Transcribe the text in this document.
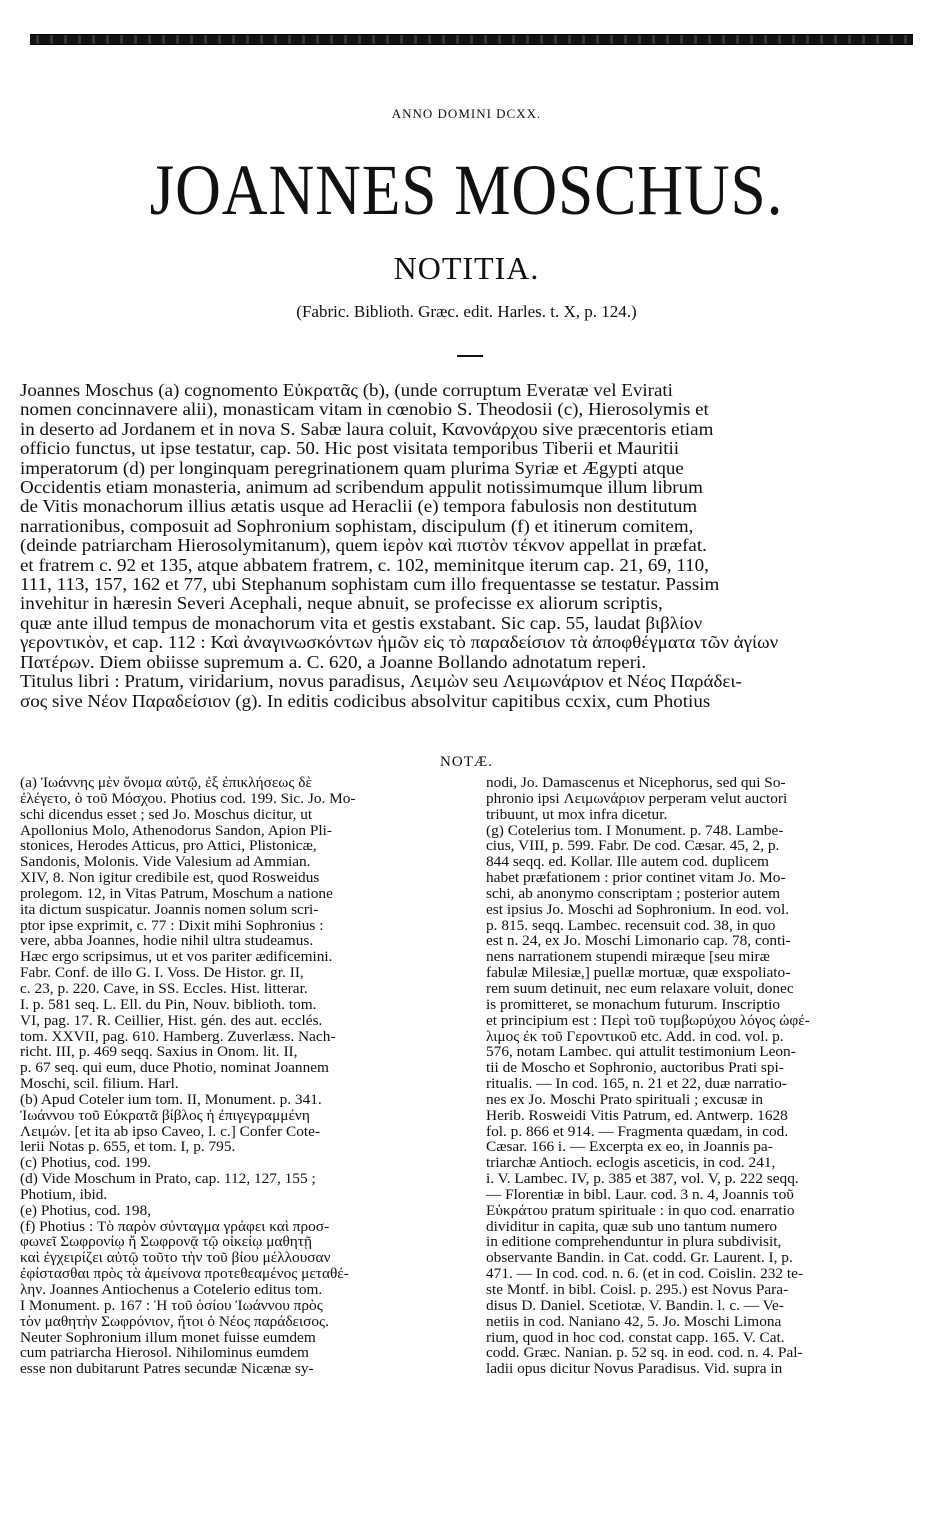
ANNO DOMINI DCXX.
JOANNES MOSCHUS.
NOTITIA.
(Fabric. Biblioth. Græc. edit. Harles. t. X, p. 124.)
Joannes Moschus (a) cognomento Εὐκρατᾶς (b), (unde corruptum Everatæ vel Evirati
nomen concinnavere alii), monasticam vitam in cœnobio S. Theodosii (c), Hierosolymis et
in deserto ad Jordanem et in nova S. Sabæ laura coluit, Κανονάρχου sive præcentoris etiam
officio functus, ut ipse testatur, cap. 50. Hic post visitata temporibus Tiberii et Mauritii
imperatorum (d) per longinquam peregrinationem quam plurima Syriæ et Ægypti atque
Occidentis etiam monasteria, animum ad scribendum appulit notissimumque illum librum
de Vitis monachorum illius ætatis usque ad Heraclii (e) tempora fabulosis non destitutum
narrationibus, composuit ad Sophronium sophistam, discipulum (f) et itinerum comitem,
(deinde patriarcham Hierosolymitanum), quem ἱερὸν καὶ πιστὸν τέκνον appellat in præfat.
et fratrem c. 92 et 135, atque abbatem fratrem, c. 102, meminitque iterum cap. 21, 69, 110,
111, 113, 157, 162 et 77, ubi Stephanum sophistam cum illo frequentasse se testatur. Passim
invehitur in hæresin Severi Acephali, neque abnuit, se profecisse ex aliorum scriptis,
quæ ante illud tempus de monachorum vita et gestis exstabant. Sic cap. 55, laudat βιβλίον
γεροντικὸν, et cap. 112 : Καὶ ἀναγινωσκόντων ἡμῶν εἰς τὸ παραδείσιον τὰ ἀποφθέγματα τῶν ἁγίων
Πατέρων. Diem obiisse supremum a. C. 620, a Joanne Bollando adnotatum reperi.
Titulus libri : Pratum, viridarium, novus paradisus, Λειμὼν seu Λειμωνάριον et Νέος Παράδει-
σος sive Νέον Παραδείσιον (g). In editis codicibus absolvitur capitibus ccxix, cum Photius
NOTÆ.
(a) Ἰωάννης μὲν ὄνομα αὐτῷ, ἐξ ἐπικλήσεως δὲ
ἐλέγετο, ὁ τοῦ Μόσχου. Photius cod. 199. Sic. Jo. Mo-
schi dicendus esset ; sed Jo. Moschus dicitur, ut
Apollonius Molo, Athenodorus Sandon, Apion Pli-
stonices, Herodes Atticus, pro Attici, Plistonicæ,
Sandonis, Molonis. Vide Valesium ad Ammian.
XIV, 8. Non igitur credibile est, quod Rosweidus
prolegom. 12, in Vitas Patrum, Moschum a natione
ita dictum suspicatur. Joannis nomen solum scri-
ptor ipse exprimit, c. 77 : Dixit mihi Sophronius :
vere, abba Joannes, hodie nihil ultra studeamus.
Hæc ergo scripsimus, ut et vos pariter ædificemini.
Fabr. Conf. de illo G. I. Voss. De Histor. gr. II,
c. 23, p. 220. Cave, in SS. Eccles. Hist. litterar.
I. p. 581 seq. L. Ell. du Pin, Nouv. biblioth. tom.
VI, pag. 17. R. Ceillier, Hist. gén. des aut. ecclés.
tom. XXVII, pag. 610. Hamberg. Zuverlæss. Nach-
richt. III, p. 469 seqq. Saxius in Onom. lit. II,
p. 67 seq. qui eum, duce Photio, nominat Joannem
Moschi, scil. filium. Harl.
(b) Apud Coteler ium tom. II, Monument. p. 341.
Ἰωάννου τοῦ Εὐκρατᾶ βίβλος ἡ ἐπιγεγραμμένη
Λειμών. [et ita ab ipso Caveo, l. c.] Confer Cote-
lerii Notas p. 655, et tom. I, p. 795.
(c) Photius, cod. 199.
(d) Vide Moschum in Prato, cap. 112, 127, 155 ;
Photium, ibid.
(e) Photius, cod. 198,
(f) Photius : Τὸ παρὸν σύνταγμα γράφει καὶ προσ-
φωνεῖ Σωφρονίῳ ἤ Σωφρονᾷ τῷ οἰκείῳ μαθητῇ
καὶ ἐγχειρίζει αὐτῷ τοῦτο τὴν τοῦ βίου μέλλουσαν
ἐφίστασθαι πρὸς τὰ ἀμείνονα προτεθεαμένος μεταθέ-
λην. Joannes Antiochenus a Cotelerio editus tom.
I Monument. p. 167 : Ἡ τοῦ ὁσίου Ἰωάννου πρὸς
τὸν μαθητὴν Σωφρόνιον, ἤτοι ὁ Νέος παράδεισος.
Neuter Sophronium illum monet fuisse eumdem
cum patriarcha Hierosol. Nihilominus eumdem
esse non dubitarunt Patres secundæ Nicænæ sy-
nodi, Jo. Damascenus et Nicephorus, sed qui So-
phronio ipsi Λειμωνάριον perperam velut auctori
tribuunt, ut mox infra dicetur.
(g) Cotelerius tom. I Monument. p. 748. Lambe-
cius, VIII, p. 599. Fabr. De cod. Cæsar. 45, 2, p.
844 seqq. ed. Kollar. Ille autem cod. duplicem
habet præfationem : prior continet vitam Jo. Mo-
schi, ab anonymo conscriptam ; posterior autem
est ipsius Jo. Moschi ad Sophronium. In eod. vol.
p. 815. seqq. Lambec. recensuit cod. 38, in quo
est n. 24, ex Jo. Moschi Limonario cap. 78, conti-
nens narrationem stupendi miræque [seu miræ
fabulæ Milesiæ,] puellæ mortuæ, quæ exspoliato-
rem suum detinuit, nec eum relaxare voluit, donec
is promitteret, se monachum futurum. Inscriptio
et principium est : Περὶ τοῦ τυμβωρύχου λόγος ὠφέ-
λιμος ἐκ τοῦ Γεροντικοῦ etc. Add. in cod. vol. p.
576, notam Lambec. qui attulit testimonium Leon-
tii de Moscho et Sophronio, auctoribus Prati spi-
ritualis. — In cod. 165, n. 21 et 22, duæ narratio-
nes ex Jo. Moschi Prato spirituali ; excusæ in
Herib. Rosweidi Vitis Patrum, ed. Antwerp. 1628
fol. p. 866 et 914. — Fragmenta quædam, in cod.
Cæsar. 166 i. — Excerpta ex eo, in Joannis pa-
triarchæ Antioch. eclogis asceticis, in cod. 241,
i. V. Lambec. IV, p. 385 et 387, vol. V, p. 222 seqq.
— Florentiæ in bibl. Laur. cod. 3 n. 4, Joannis τοῦ
Εὐκράτου pratum spirituale : in quo cod. enarratio
dividitur in capita, quæ sub uno tantum numero
in editione comprehenduntur in plura subdivisit,
observante Bandin. in Cat. codd. Gr. Laurent. I, p.
471. — In cod. cod. n. 6. (et in cod. Coislin. 232 te-
ste Montf. in bibl. Coisl. p. 295.) est Novus Para-
disus D. Daniel. Scetiotæ. V. Bandin. l. c. — Ve-
netiis in cod. Naniano 42, 5. Jo. Moschi Limona
rium, quod in hoc cod. constat capp. 165. V. Cat.
codd. Græc. Nanian. p. 52 sq. in eod. cod. n. 4. Pal-
ladii opus dicitur Novus Paradisus. Vid. supra in
